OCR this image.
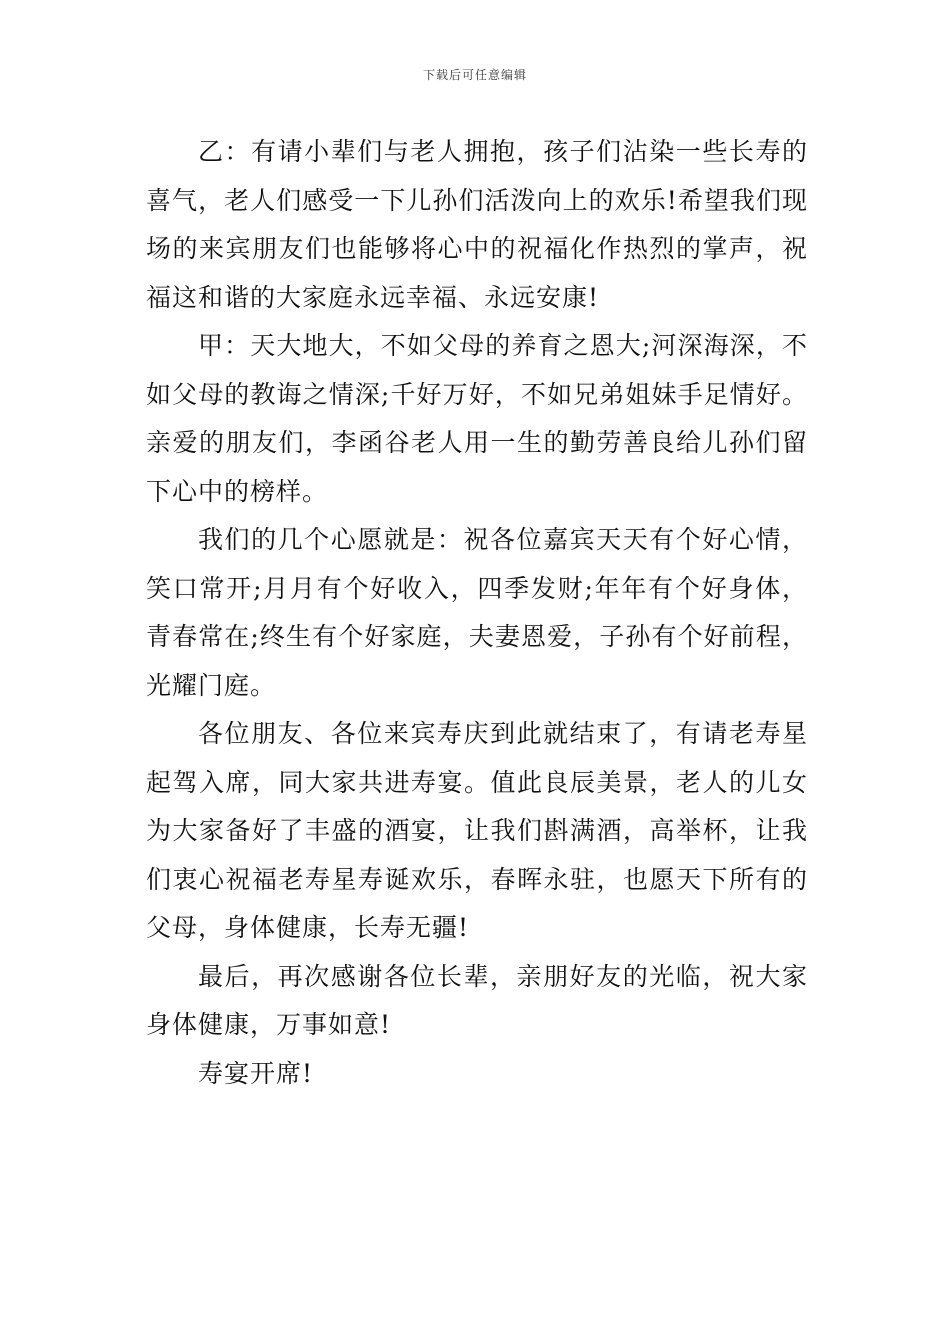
下载后可任意编辑

乙：有请小辈们与老人拥抱，孩子们沾染一些长寿的喜气，老人们感受一下儿孙们活泼向上的欢乐!希望我们现场的来宾朋友们也能够将心中的祝福化作热烈的掌声，祝福这和谐的大家庭永远幸福、永远安康!

甲：天大地大，不如父母的养育之恩大;河深海深，不如父母的教诲之情深;千好万好，不如兄弟姐妹手足情好。亲爱的朋友们，李函谷老人用一生的勤劳善良给儿孙们留下心中的榜样。

我们的几个心愿就是：祝各位嘉宾天天有个好心情，笑口常开;月月有个好收入，四季发财;年年有个好身体，青春常在;终生有个好家庭，夫妻恩爱，子孙有个好前程，光耀门庭。

各位朋友、各位来宾寿庆到此就结束了，有请老寿星起驾入席，同大家共进寿宴。值此良辰美景，老人的儿女为大家备好了丰盛的酒宴，让我们斟满酒，高举杯，让我们衷心祝福老寿星寿诞欢乐，春晖永驻，也愿天下所有的父母，身体健康，长寿无疆!

最后，再次感谢各位长辈，亲朋好友的光临，祝大家身体健康，万事如意!

寿宴开席!
